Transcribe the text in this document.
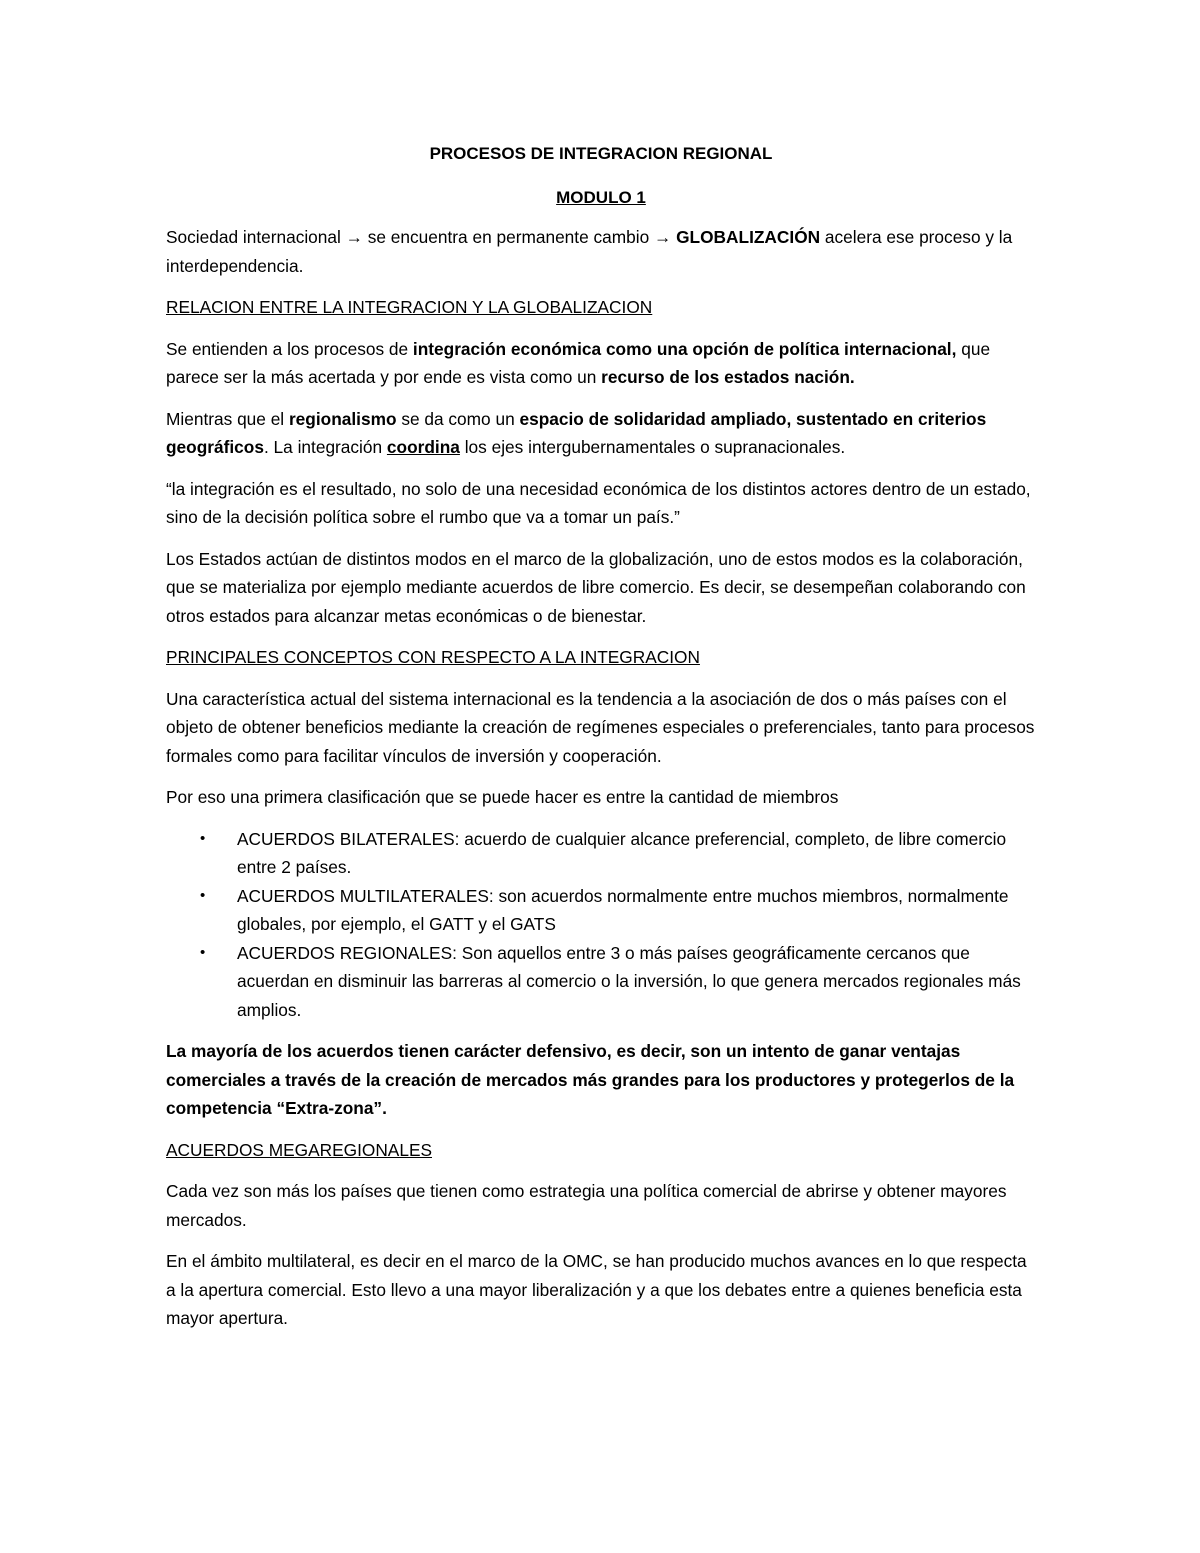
PROCESOS DE INTEGRACION REGIONAL
MODULO 1

Sociedad internacional → se encuentra en permanente cambio → GLOBALIZACIÓN acelera ese proceso y la interdependencia.

RELACION ENTRE LA INTEGRACION Y LA GLOBALIZACION

Se entienden a los procesos de integración económica como una opción de política internacional, que parece ser la más acertada y por ende es vista como un recurso de los estados nación.

Mientras que el regionalismo se da como un espacio de solidaridad ampliado, sustentado en criterios geográficos. La integración coordina los ejes intergubernamentales o supranacionales.

“la integración es el resultado, no solo de una necesidad económica de los distintos actores dentro de un estado, sino de la decisión política sobre el rumbo que va a tomar un país.”

Los Estados actúan de distintos modos en el marco de la globalización, uno de estos modos es la colaboración, que se materializa por ejemplo mediante acuerdos de libre comercio. Es decir, se desempeñan colaborando con otros estados para alcanzar metas económicas o de bienestar.

PRINCIPALES CONCEPTOS CON RESPECTO A LA INTEGRACION

Una característica actual del sistema internacional es la tendencia a la asociación de dos o más países con el objeto de obtener beneficios mediante la creación de regímenes especiales o preferenciales, tanto para procesos formales como para facilitar vínculos de inversión y cooperación.

Por eso una primera clasificación que se puede hacer es entre la cantidad de miembros

• ACUERDOS BILATERALES: acuerdo de cualquier alcance preferencial, completo, de libre comercio entre 2 países.
• ACUERDOS MULTILATERALES: son acuerdos normalmente entre muchos miembros, normalmente globales, por ejemplo, el GATT y el GATS
• ACUERDOS REGIONALES: Son aquellos entre 3 o más países geográficamente cercanos que acuerdan en disminuir las barreras al comercio o la inversión, lo que genera mercados regionales más amplios.

La mayoría de los acuerdos tienen carácter defensivo, es decir, son un intento de ganar ventajas comerciales a través de la creación de mercados más grandes para los productores y protegerlos de la competencia “Extra-zona”.

ACUERDOS MEGAREGIONALES

Cada vez son más los países que tienen como estrategia una política comercial de abrirse y obtener mayores mercados.

En el ámbito multilateral, es decir en el marco de la OMC, se han producido muchos avances en lo que respecta a la apertura comercial. Esto llevo a una mayor liberalización y a que los debates entre a quienes beneficia esta mayor apertura.
